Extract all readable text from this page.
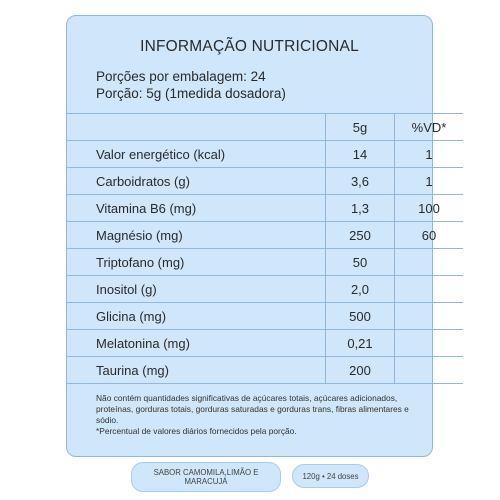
INFORMAÇÃO NUTRICIONAL
Porções por embalagem: 24
Porção: 5g (1medida dosadora)
	5g	%VD*
Valor energético (kcal)	14	1
Carboidratos (g)	3,6	1
Vitamina B6 (mg)	1,3	100
Magnésio (mg)	250	60
Triptofano (mg)	50	
Inositol (g)	2,0	
Glicina (mg)	500	
Melatonina (mg)	0,21	
Taurina (mg)	200	
Não contém quantidades significativas de açúcares totais, açúcares adicionados, proteínas, gorduras totais, gorduras saturadas e gorduras trans, fibras alimentares e sódio.
*Percentual de valores diários fornecidos pela porção.
SABOR CAMOMILA,LIMÃO E MARACUJÁ
120g • 24 doses
